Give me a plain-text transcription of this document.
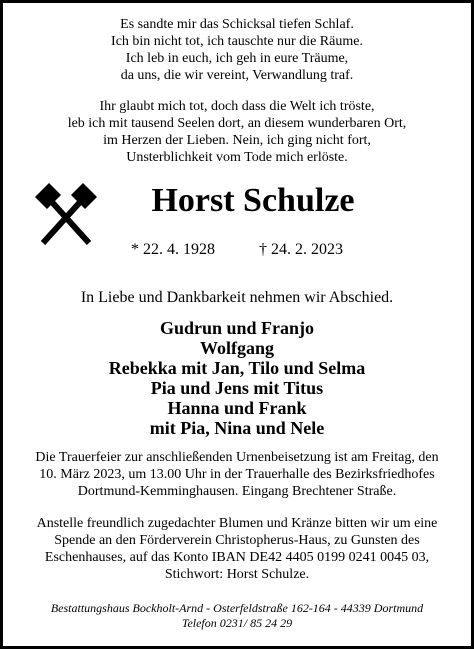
Es sandte mir das Schicksal tiefen Schlaf.
Ich bin nicht tot, ich tauschte nur die Räume.
Ich leb in euch, ich geh in eure Träume,
da uns, die wir vereint, Verwandlung traf.
Ihr glaubt mich tot, doch dass die Welt ich tröste,
leb ich mit tausend Seelen dort, an diesem wunderbaren Ort,
im Herzen der Lieben. Nein, ich ging nicht fort,
Unsterblichkeit vom Tode mich erlöste.
Horst Schulze
* 22. 4. 1928	† 24. 2. 2023
In Liebe und Dankbarkeit nehmen wir Abschied.
Gudrun und Franjo
Wolfgang
Rebekka mit Jan, Tilo und Selma
Pia und Jens mit Titus
Hanna und Frank
mit Pia, Nina und Nele
Die Trauerfeier zur anschließenden Urnenbeisetzung ist am Freitag, den
10. März 2023, um 13.00 Uhr in der Trauerhalle des Bezirksfriedhofes
Dortmund-Kemminghausen. Eingang Brechtener Straße.
Anstelle freundlich zugedachter Blumen und Kränze bitten wir um eine
Spende an den Förderverein Christopherus-Haus, zu Gunsten des
Eschenhauses, auf das Konto IBAN DE42 4405 0199 0241 0045 03,
Stichwort: Horst Schulze.
Bestattungshaus Bockholt-Arnd - Osterfeldstraße 162-164 - 44339 Dortmund
Telefon 0231/ 85 24 29
